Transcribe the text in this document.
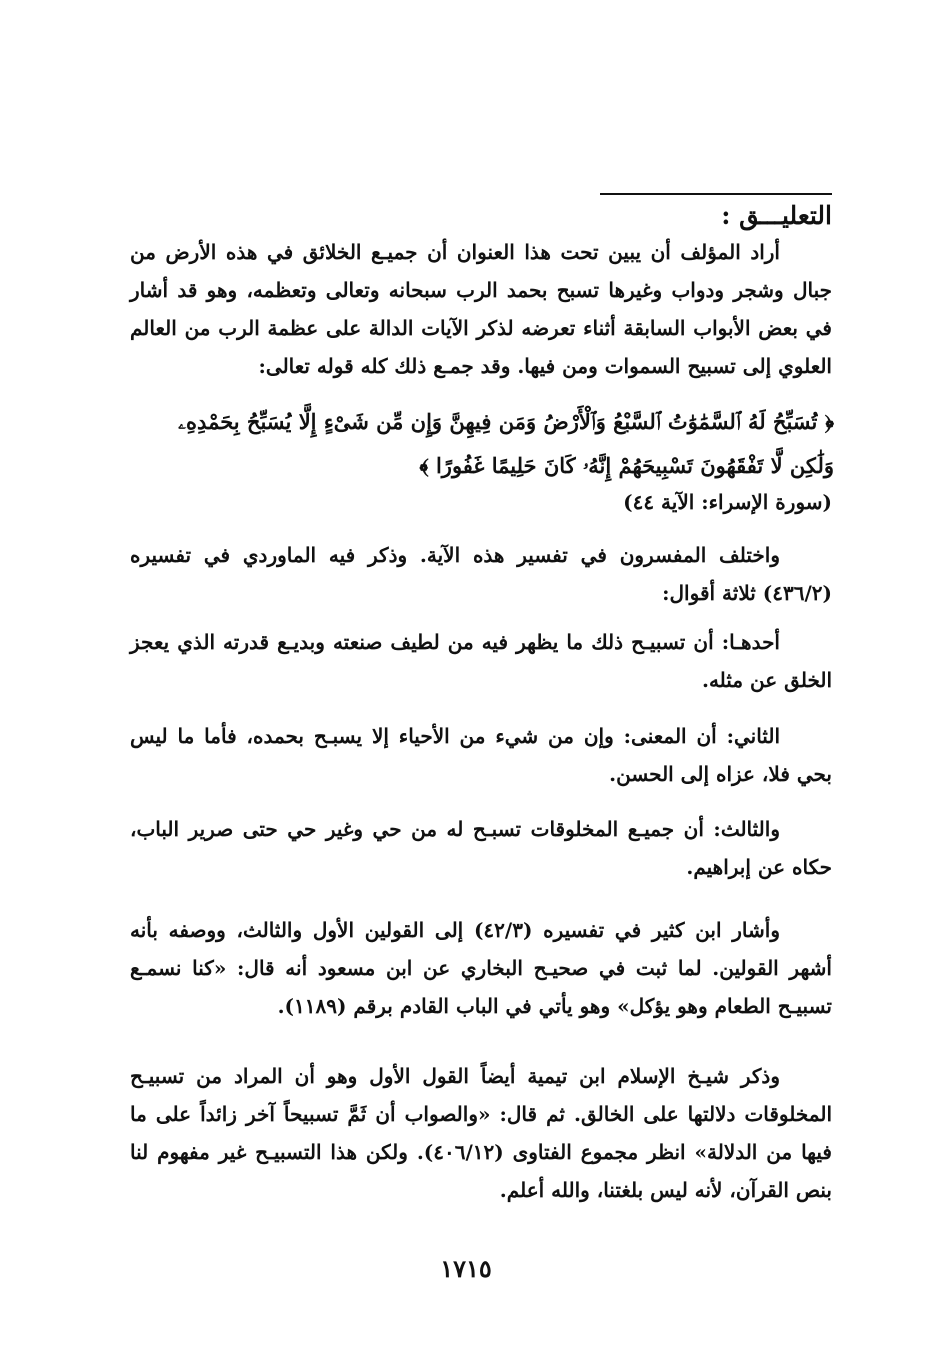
التعليـــق :

أراد المؤلف أن يبين تحت هذا العنوان أن جميـع الخلائق في هذه الأرض من جبال وشجر ودواب وغيرها تسبح بحمد الرب سبحانه وتعالى وتعظمه، وهو قد أشار في بعض الأبواب السابقة أثناء تعرضه لذكر الآيات الدالة على عظمة الرب من العالم العلوي إلى تسبيح السموات ومن فيها. وقد جمـع ذلك كله قوله تعالى:

﴿ تُسَبِّحُ لَهُ ٱلسَّمَٰوَٰتُ ٱلسَّبْعُ وَٱلْأَرْضُ وَمَن فِيهِنَّ وَإِن مِّن شَىْءٍ إِلَّا يُسَبِّحُ بِحَمْدِهِۦ وَلَٰكِن لَّا تَفْقَهُونَ تَسْبِيحَهُمْ إِنَّهُۥ كَانَ حَلِيمًا غَفُورًا ﴾
(سورة الإسراء: الآية ٤٤)

واختلف المفسرون في تفسير هذه الآية. وذكر فيه الماوردي في تفسيره (٤٣٦/٢) ثلاثة أقوال:

أحدهـا: أن تسبيـح ذلك ما يظهر فيه من لطيف صنعته وبديـع قدرته الذي يعجز الخلق عن مثله.

الثاني: أن المعنى: وإن من شيء من الأحياء إلا يسبـح بحمده، فأما ما ليس بحي فلا، عزاه إلى الحسن.

والثالث: أن جميـع المخلوقات تسبـح له من حي وغير حي حتى صرير الباب، حكاه عن إبراهيم.

وأشار ابن كثير في تفسيره (٤٢/٣) إلى القولين الأول والثالث، ووصفه بأنه أشهر القولين. لما ثبت في صحيـح البخاري عن ابن مسعود أنه قال: «كنا نسمـع تسبيـح الطعام وهو يؤكل» وهو يأتي في الباب القادم برقم (١١٨٩).

وذكر شيـخ الإسلام ابن تيمية أيضاً القول الأول وهو أن المراد من تسبيـح المخلوقات دلالتها على الخالق. ثم قال: «والصواب أن ثَمَّ تسبيحاً آخر زائداً على ما فيها من الدلالة» انظر مجموع الفتاوى (٤٠٦/١٢). ولكن هذا التسبيـح غير مفهوم لنا بنص القرآن، لأنه ليس بلغتنا، والله أعلم.

١٧١٥
